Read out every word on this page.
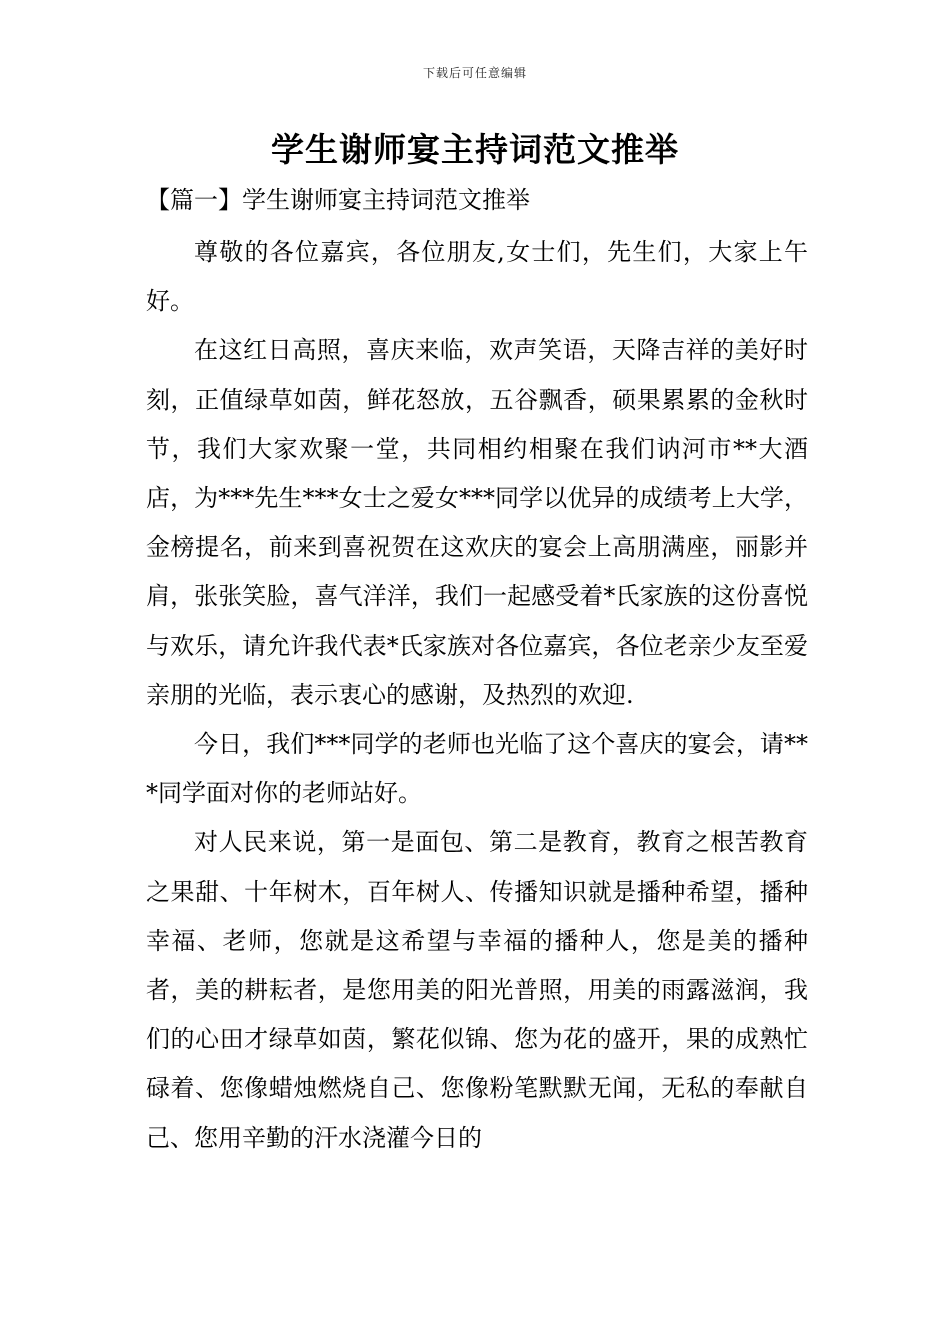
下载后可任意编辑
学生谢师宴主持词范文推举
【篇一】学生谢师宴主持词范文推举

尊敬的各位嘉宾，各位朋友,女士们，先生们，大家上午好。

在这红日高照，喜庆来临，欢声笑语，天降吉祥的美好时刻，正值绿草如茵，鲜花怒放，五谷飘香，硕果累累的金秋时节，我们大家欢聚一堂，共同相约相聚在我们讷河市**大酒店，为***先生***女士之爱女***同学以优异的成绩考上大学，金榜提名，前来到喜祝贺在这欢庆的宴会上高朋满座，丽影并肩，张张笑脸，喜气洋洋，我们一起感受着*氏家族的这份喜悦与欢乐，请允许我代表*氏家族对各位嘉宾，各位老亲少友至爱亲朋的光临，表示衷心的感谢，及热烈的欢迎.

今日，我们***同学的老师也光临了这个喜庆的宴会，请***同学面对你的老师站好。

对人民来说，第一是面包、第二是教育，教育之根苦教育之果甜、十年树木，百年树人、传播知识就是播种希望，播种幸福、老师，您就是这希望与幸福的播种人，您是美的播种者，美的耕耘者，是您用美的阳光普照，用美的雨露滋润，我们的心田才绿草如茵，繁花似锦、您为花的盛开，果的成熟忙碌着、您像蜡烛燃烧自己、您像粉笔默默无闻，无私的奉献自己、您用辛勤的汗水浇灌今日的
